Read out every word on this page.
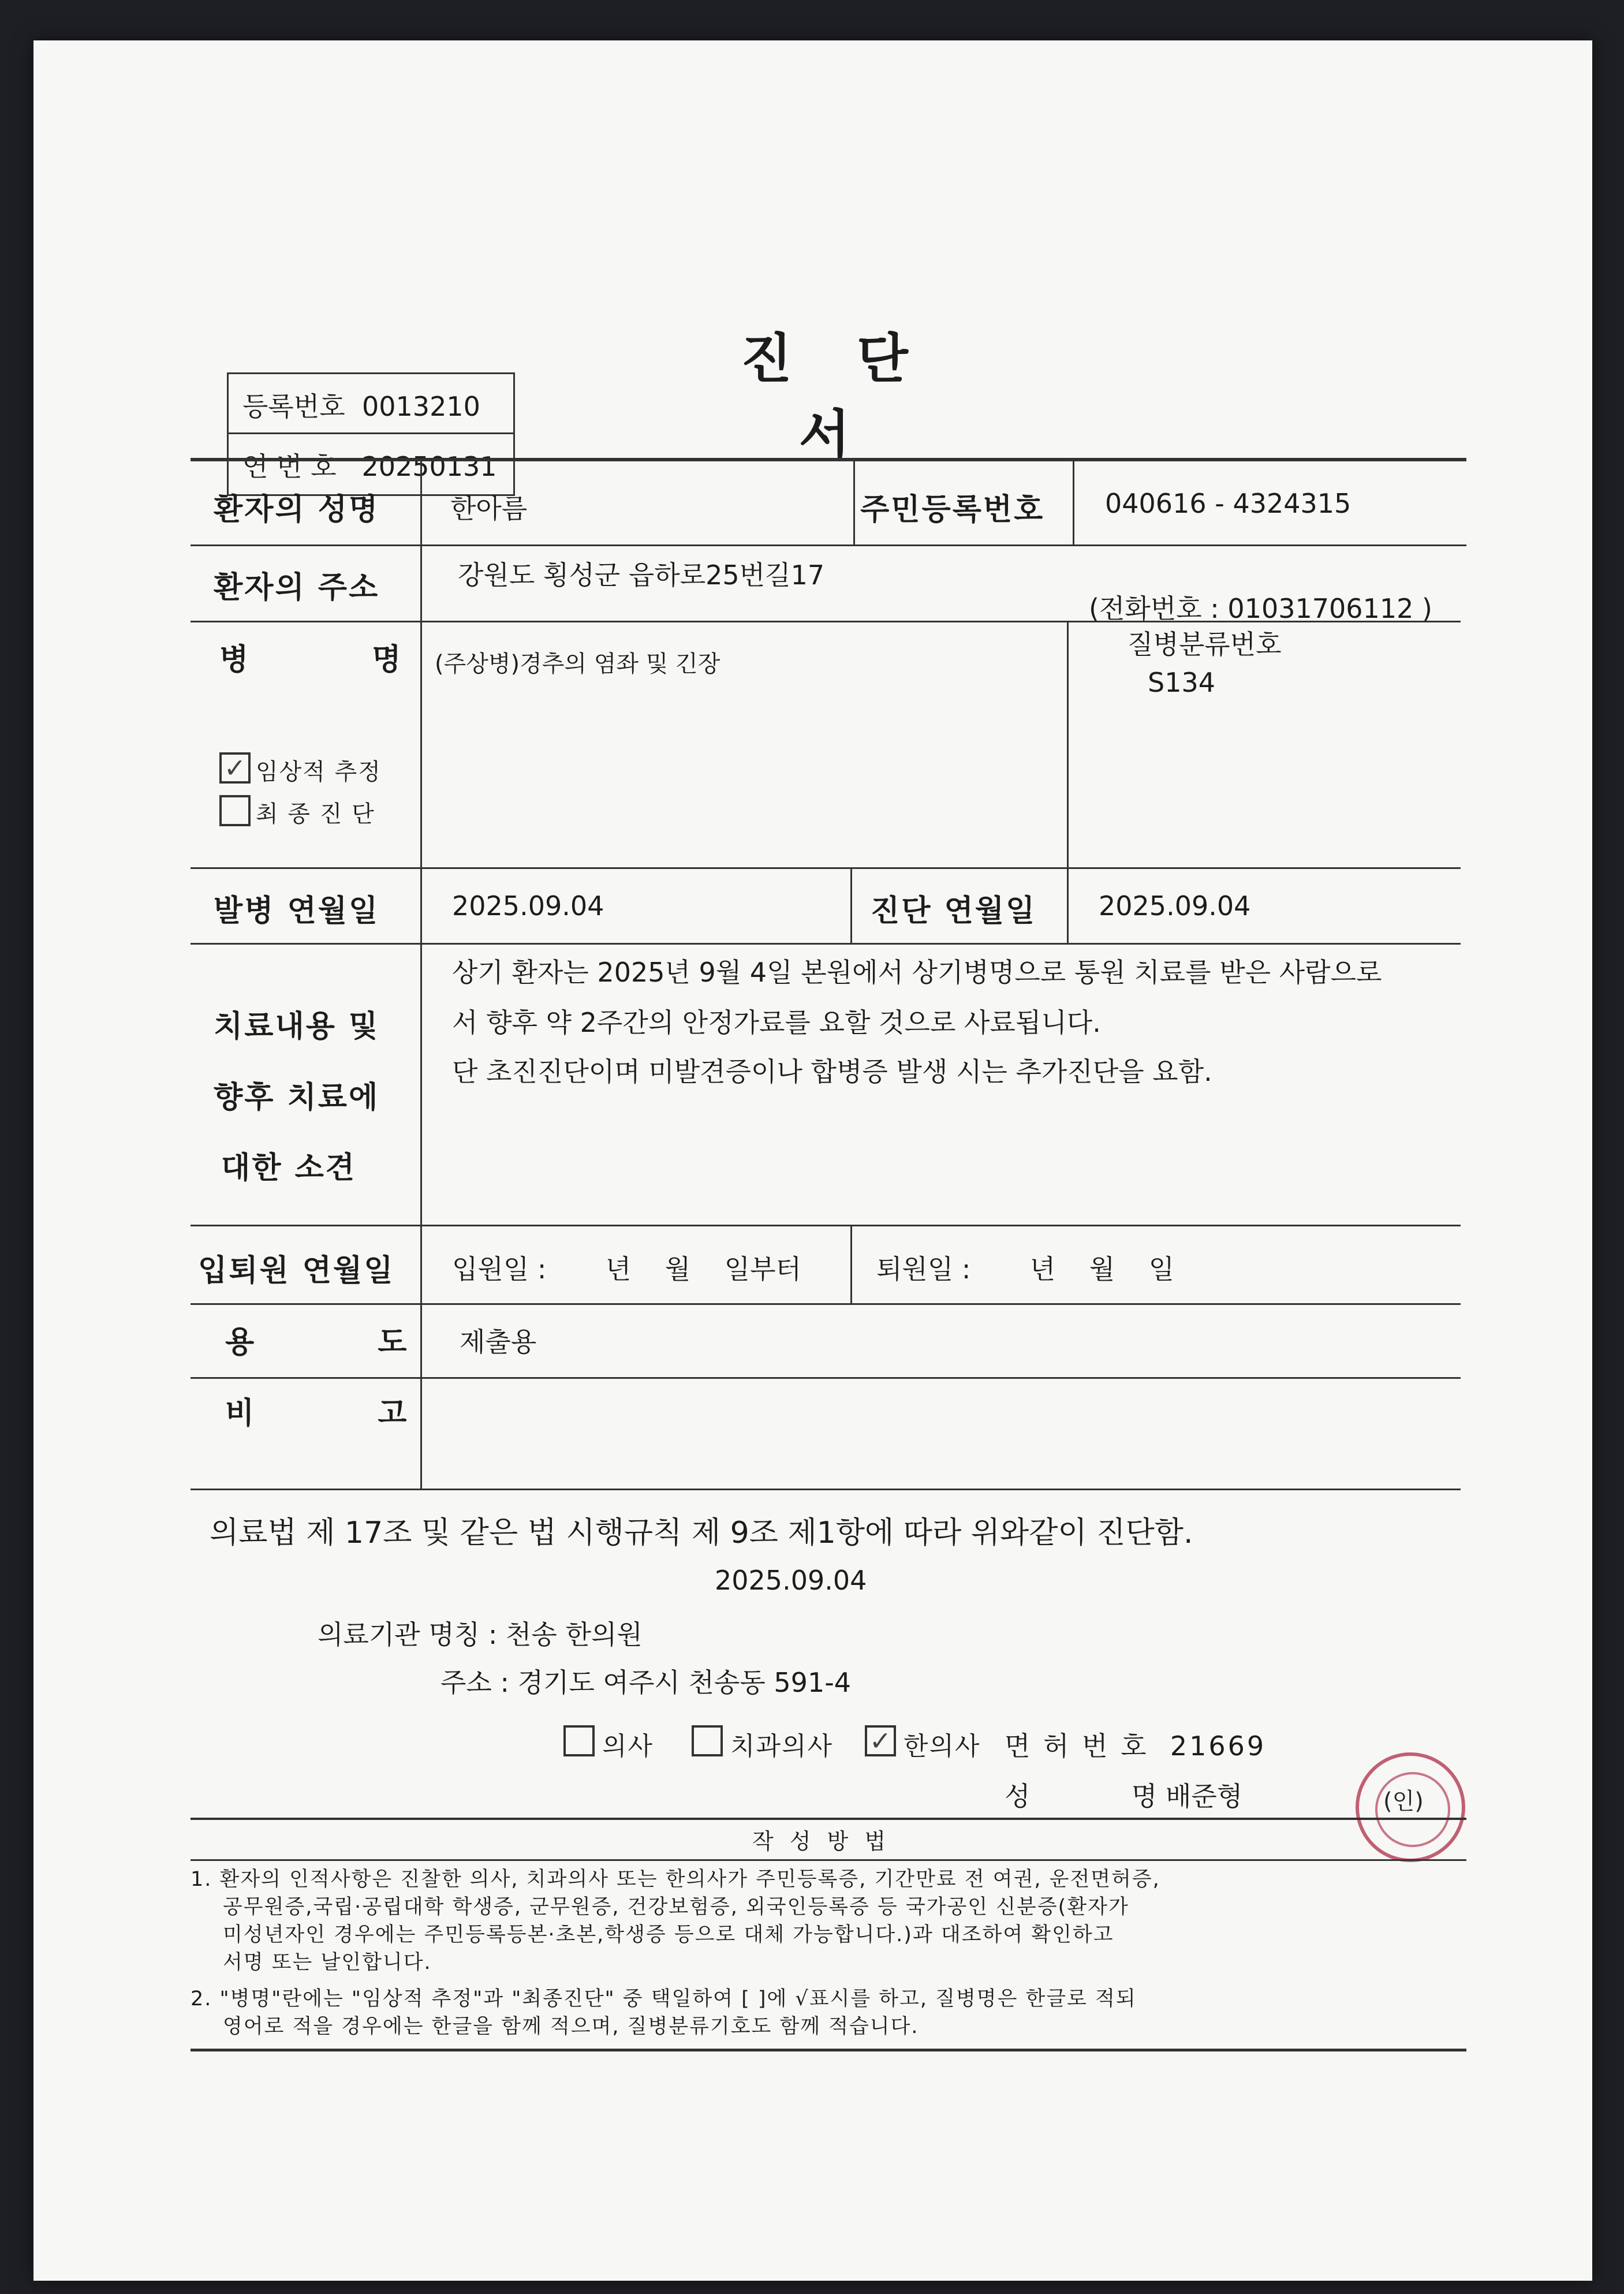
진 단 서
등록번호 0013210
연 번 호 20250131
환자의 성명	한아름	주민등록번호 040616 - 4324315
환자의 주소	강원도 횡성군 읍하로25번길17
(전화번호 : 01031706112 )
병          명 (주상병)경추의 염좌 및 긴장
질병분류번호
S134
✓ 임상적 추정
최 종 진 단
발병 연월일	2025.09.04	진단 연월일 2025.09.04
치료내용 및
향후 치료에
대한 소견
상기 환자는 2025년 9월 4일 본원에서 상기병명으로 통원 치료를 받은 사람으로
서 향후 약 2주간의 안정가료를 요할 것으로 사료됩니다.
단 초진진단이며 미발견증이나 합병증 발생 시는 추가진단을 요함.
입퇴원 연월일 입원일 :       년    월    일부터	퇴원일 :       년    월    일
용          도 제출용
비          고
의료법 제 17조 및 같은 법 시행규칙 제 9조 제1항에 따라 위와같이 진단함.
2025.09.04
의료기관 명칭 : 천송 한의원
주소 : 경기도 여주시 천송동 591-4
의사	치과의사 ✓ 한의사 면 허 번 호  21669
성            명 배준형	(인)
작 성 방 법
1. 환자의 인적사항은 진찰한 의사, 치과의사 또는 한의사가 주민등록증, 기간만료 전 여권, 운전면허증,
공무원증,국립·공립대학 학생증, 군무원증, 건강보험증, 외국인등록증 등 국가공인 신분증(환자가
미성년자인 경우에는 주민등록등본·초본,학생증 등으로 대체 가능합니다.)과 대조하여 확인하고
서명 또는 날인합니다.
2. "병명"란에는 "임상적 추정"과 "최종진단" 중 택일하여 [ ]에 √표시를 하고, 질병명은 한글로 적되
영어로 적을 경우에는 한글을 함께 적으며, 질병분류기호도 함께 적습니다.
